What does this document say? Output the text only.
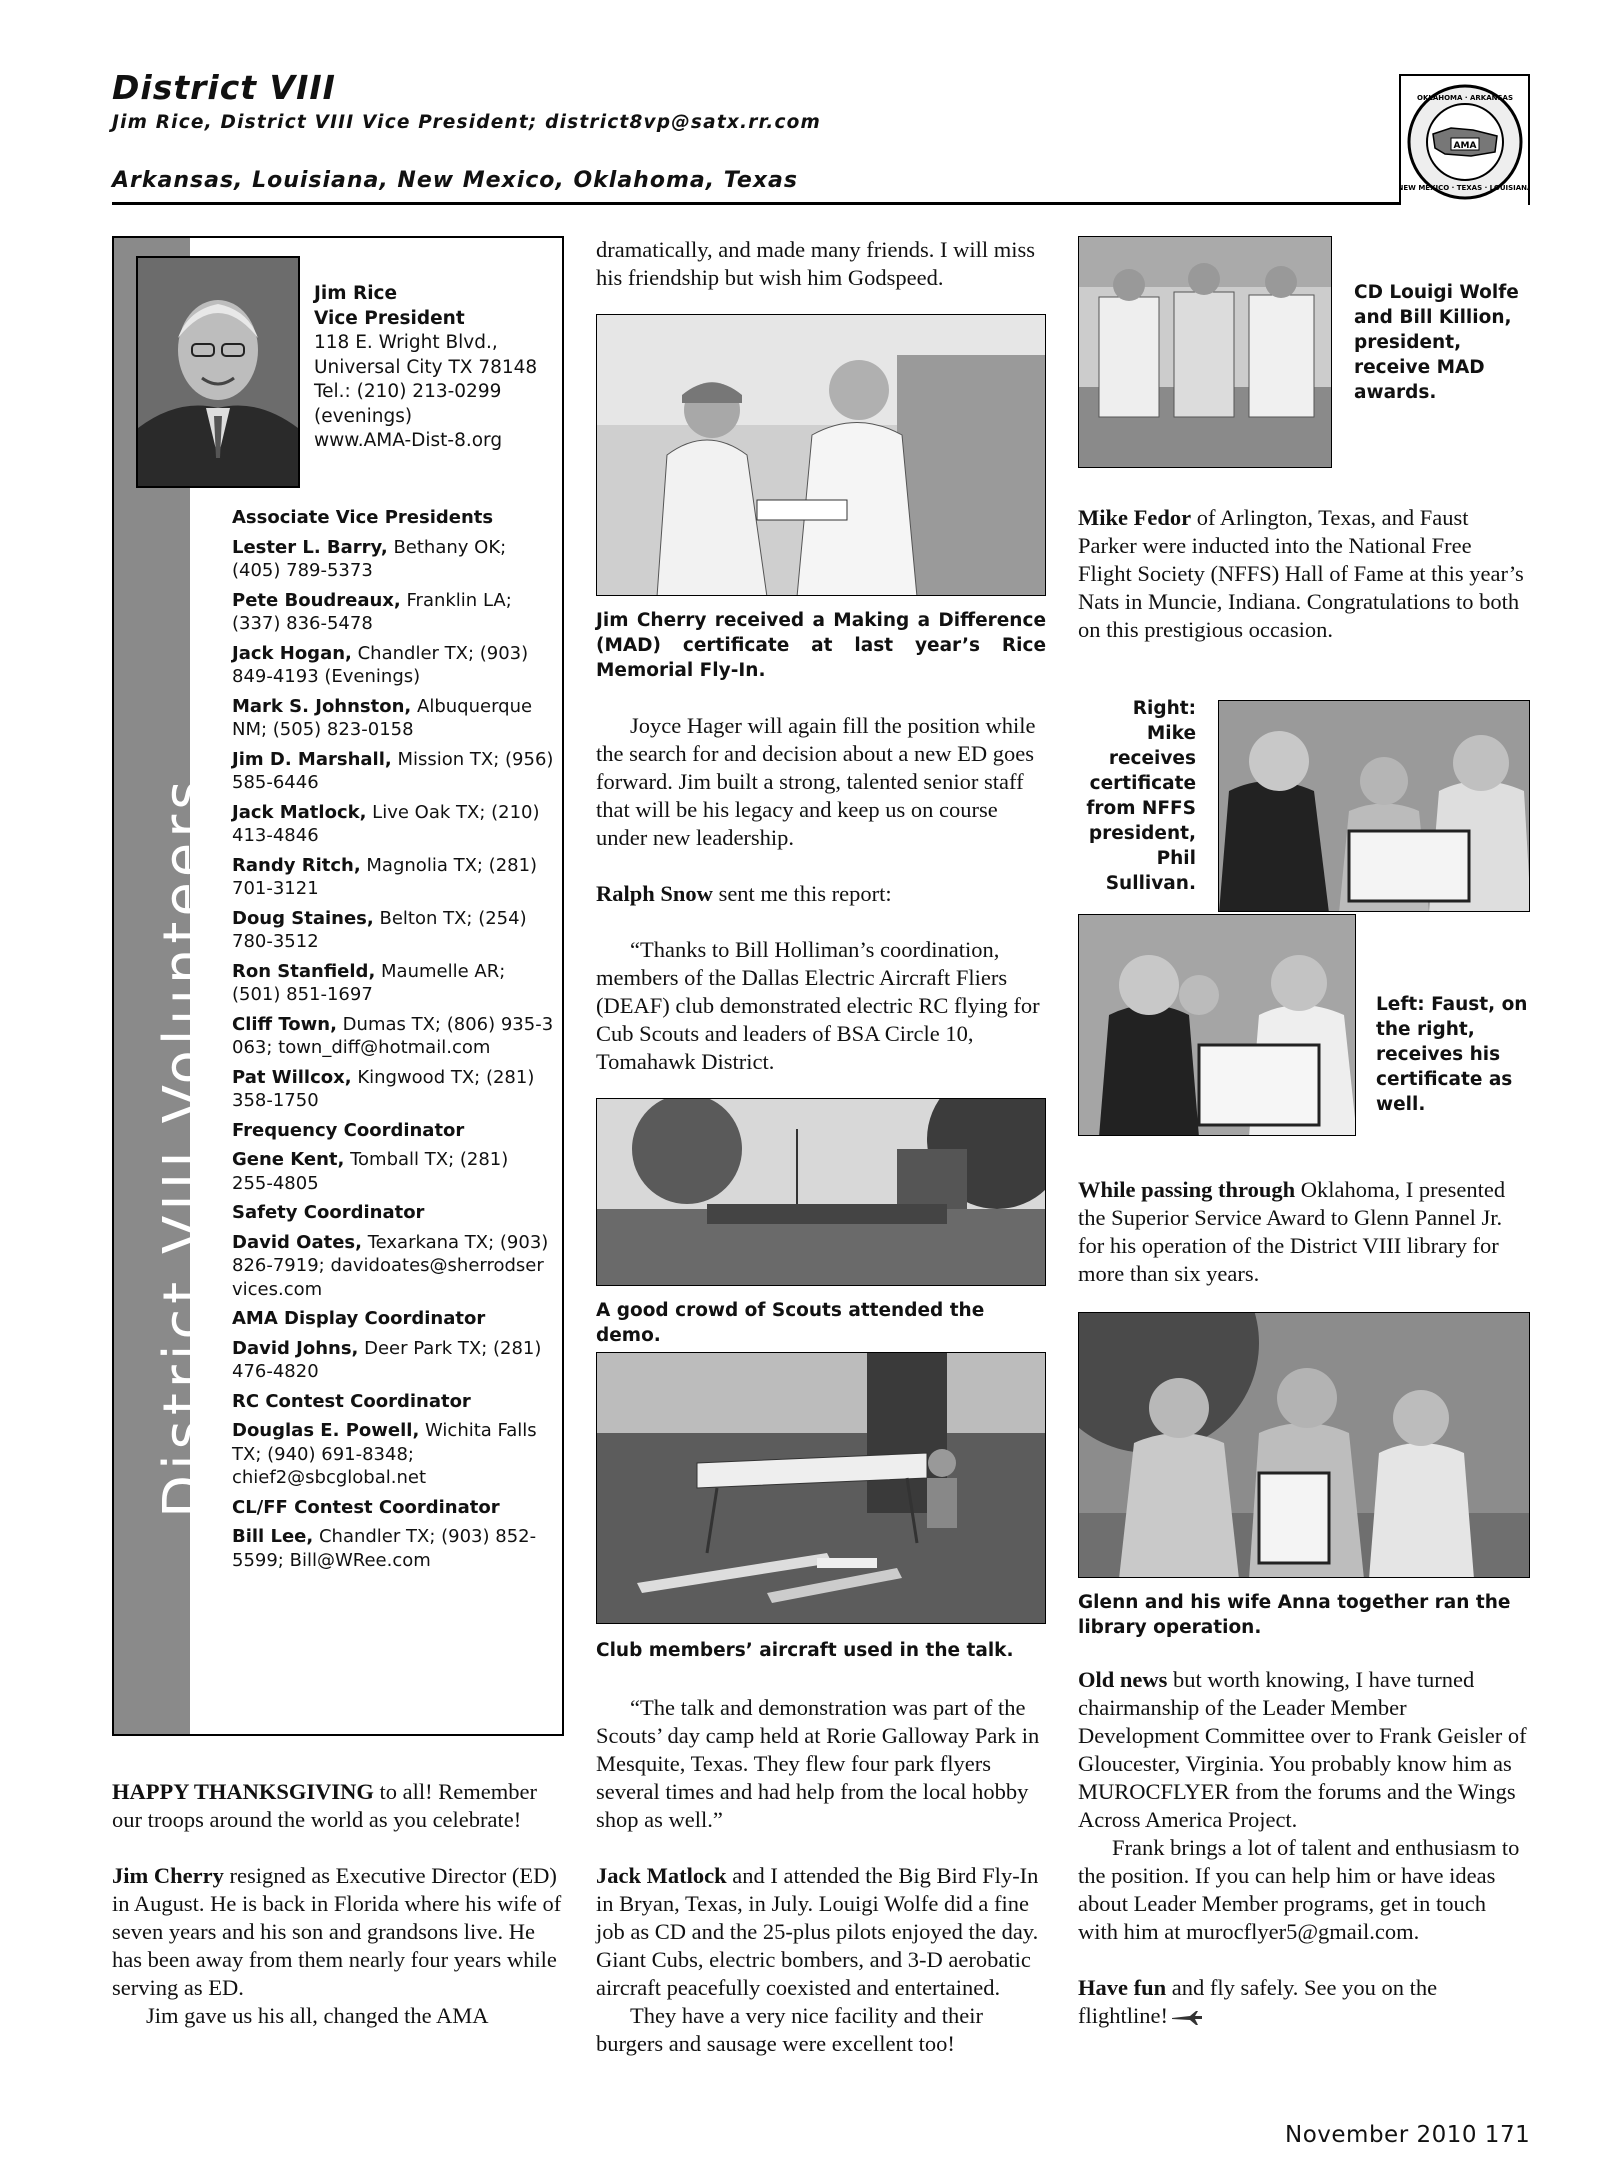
District VIII
Jim Rice, District VIII Vice President; district8vp@satx.rr.com
Arkansas, Louisiana, New Mexico, Oklahoma, Texas
AMA
OKLAHOMA · ARKANSAS
NEW MEXICO · TEXAS · LOUISIANA
District VIII Volunteers
Jim Rice
Vice President
118 E. Wright Blvd.,
Universal City TX 78148
Tel.: (210) 213-0299
(evenings)
www.AMA-Dist-8.org
Associate Vice Presidents
Lester L. Barry, Bethany OK; (405) 789-5373
Pete Boudreaux, Franklin LA; (337) 836-5478
Jack Hogan, Chandler TX; (903) 849-4193 (Evenings)
Mark S. Johnston, Albuquerque NM; (505) 823-0158
Jim D. Marshall, Mission TX; (956) 585-6446
Jack Matlock, Live Oak TX; (210) 413-4846
Randy Ritch, Magnolia TX; (281) 701-3121
Doug Staines, Belton TX; (254) 780-3512
Ron Stanfield, Maumelle AR; (501) 851-1697
Cliff Town, Dumas TX; (806) 935-3063; town_diff@hotmail.com
Pat Willcox, Kingwood TX; (281) 358-1750
Frequency Coordinator
Gene Kent, Tomball TX; (281) 255-4805
Safety Coordinator
David Oates, Texarkana TX; (903) 826-7919; davidoates@sherrodservices.com
AMA Display Coordinator
David Johns, Deer Park TX; (281) 476-4820
RC Contest Coordinator
Douglas E. Powell, Wichita Falls TX; (940) 691-8348; chief2@sbcglobal.net
CL/FF Contest Coordinator
Bill Lee, Chandler TX; (903) 852-5599; Bill@WRee.com

HAPPY THANKSGIVING to all! Remember our troops around the world as you celebrate!

Jim Cherry resigned as Executive Director (ED) in August. He is back in Florida where his wife of seven years and his son and grandsons live. He has been away from them nearly four years while serving as ED.

Jim gave us his all, changed the AMA

dramatically, and made many friends. I will miss his friendship but wish him Godspeed.
Jim Cherry received a Making a Difference (MAD) certificate at last year’s Rice Memorial Fly-In.

Joyce Hager will again fill the position while the search for and decision about a new ED goes forward. Jim built a strong, talented senior staff that will be his legacy and keep us on course under new leadership.

Ralph Snow sent me this report:

“Thanks to Bill Holliman’s coordination, members of the Dallas Electric Aircraft Fliers (DEAF) club demonstrated electric RC flying for Cub Scouts and leaders of BSA Circle 10, Tomahawk District.

A good crowd of Scouts attended the demo.
Club members’ aircraft used in the talk.

“The talk and demonstration was part of the Scouts’ day camp held at Rorie Galloway Park in Mesquite, Texas. They flew four park flyers several times and had help from the local hobby shop as well.”

Jack Matlock and I attended the Big Bird Fly-In in Bryan, Texas, in July. Louigi Wolfe did a fine job as CD and the 25-plus pilots enjoyed the day. Giant Cubs, electric bombers, and 3-D aerobatic aircraft peacefully coexisted and entertained.

They have a very nice facility and their burgers and sausage were excellent too!

CD Louigi Wolfe and Bill Killion, president, receive MAD awards.

Mike Fedor of Arlington, Texas, and Faust Parker were inducted into the National Free Flight Society (NFFS) Hall of Fame at this year’s Nats in Muncie, Indiana. Congratulations to both on this prestigious occasion.

Right: Mike receives certificate from NFFS president, Phil Sullivan.
Left: Faust, on the right, receives his certificate as well.

While passing through Oklahoma, I presented the Superior Service Award to Glenn Pannel Jr. for his operation of the District VIII library for more than six years.

Glenn and his wife Anna together ran the library operation.

Old news but worth knowing, I have turned chairmanship of the Leader Member Development Committee over to Frank Geisler of Gloucester, Virginia. You probably know him as MUROCFLYER from the forums and the Wings Across America Project.

Frank brings a lot of talent and enthusiasm to the position. If you can help him or have ideas about Leader Member programs, get in touch with him at murocflyer5@gmail.com.

Have fun and fly safely. See you on the flightline!

November 2010 171
